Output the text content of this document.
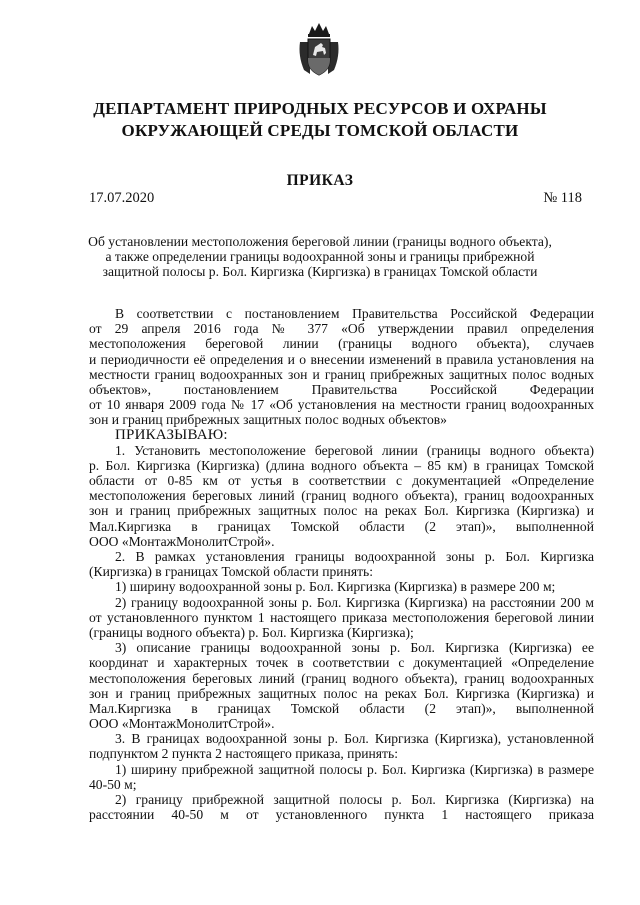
ДЕПАРТАМЕНТ ПРИРОДНЫХ РЕСУРСОВ И ОХРАНЫ
ОКРУЖАЮЩЕЙ СРЕДЫ ТОМСКОЙ ОБЛАСТИ
ПРИКАЗ
17.07.2020	№ 118
Об установлении местоположения береговой линии (границы водного объекта),
а также определении границы водоохранной зоны и границы прибрежной
защитной полосы р. Бол. Киргизка (Киргизка) в границах Томской области
В соответствии с постановлением Правительства Российской Федерации
от 29 апреля 2016 года № 377 «Об утверждении правил определения
местоположения береговой линии (границы водного объекта), случаев
и периодичности её определения и о внесении изменений в правила установления на
местности границ водоохранных зон и границ прибрежных защитных полос водных
объектов», постановлением Правительства Российской Федерации
от 10 января 2009 года № 17 «Об установления на местности границ водоохранных
зон и границ прибрежных защитных полос водных объектов»
ПРИКАЗЫВАЮ:
1. Установить местоположение береговой линии (границы водного объекта)
р. Бол. Киргизка (Киргизка) (длина водного объекта – 85 км) в границах Томской
области от 0-85 км от устья в соответствии с документацией «Определение
местоположения береговых линий (границ водного объекта), границ водоохранных
зон и границ прибрежных защитных полос на реках Бол. Киргизка (Киргизка) и
Мал.Киргизка в границах Томской области (2 этап)», выполненной
ООО «МонтажМонолитСтрой».
2. В рамках установления границы водоохранной зоны р. Бол. Киргизка
(Киргизка) в границах Томской области принять:
1) ширину водоохранной зоны р. Бол. Киргизка (Киргизка) в размере 200 м;
2) границу водоохранной зоны р. Бол. Киргизка (Киргизка) на расстоянии 200 м
от установленного пунктом 1 настоящего приказа местоположения береговой линии
(границы водного объекта) р. Бол. Киргизка (Киргизка);
3) описание границы водоохранной зоны р. Бол. Киргизка (Киргизка) ее
координат и характерных точек в соответствии с документацией «Определение
местоположения береговых линий (границ водного объекта), границ водоохранных
зон и границ прибрежных защитных полос на реках Бол. Киргизка (Киргизка) и
Мал.Киргизка в границах Томской области (2 этап)», выполненной
ООО «МонтажМонолитСтрой».
3. В границах водоохранной зоны р. Бол. Киргизка (Киргизка), установленной
подпунктом 2 пункта 2 настоящего приказа, принять:
1) ширину прибрежной защитной полосы р. Бол. Киргизка (Киргизка) в размере
40-50 м;
2) границу прибрежной защитной полосы р. Бол. Киргизка (Киргизка) на
расстоянии 40-50 м от установленного пункта 1 настоящего приказа
